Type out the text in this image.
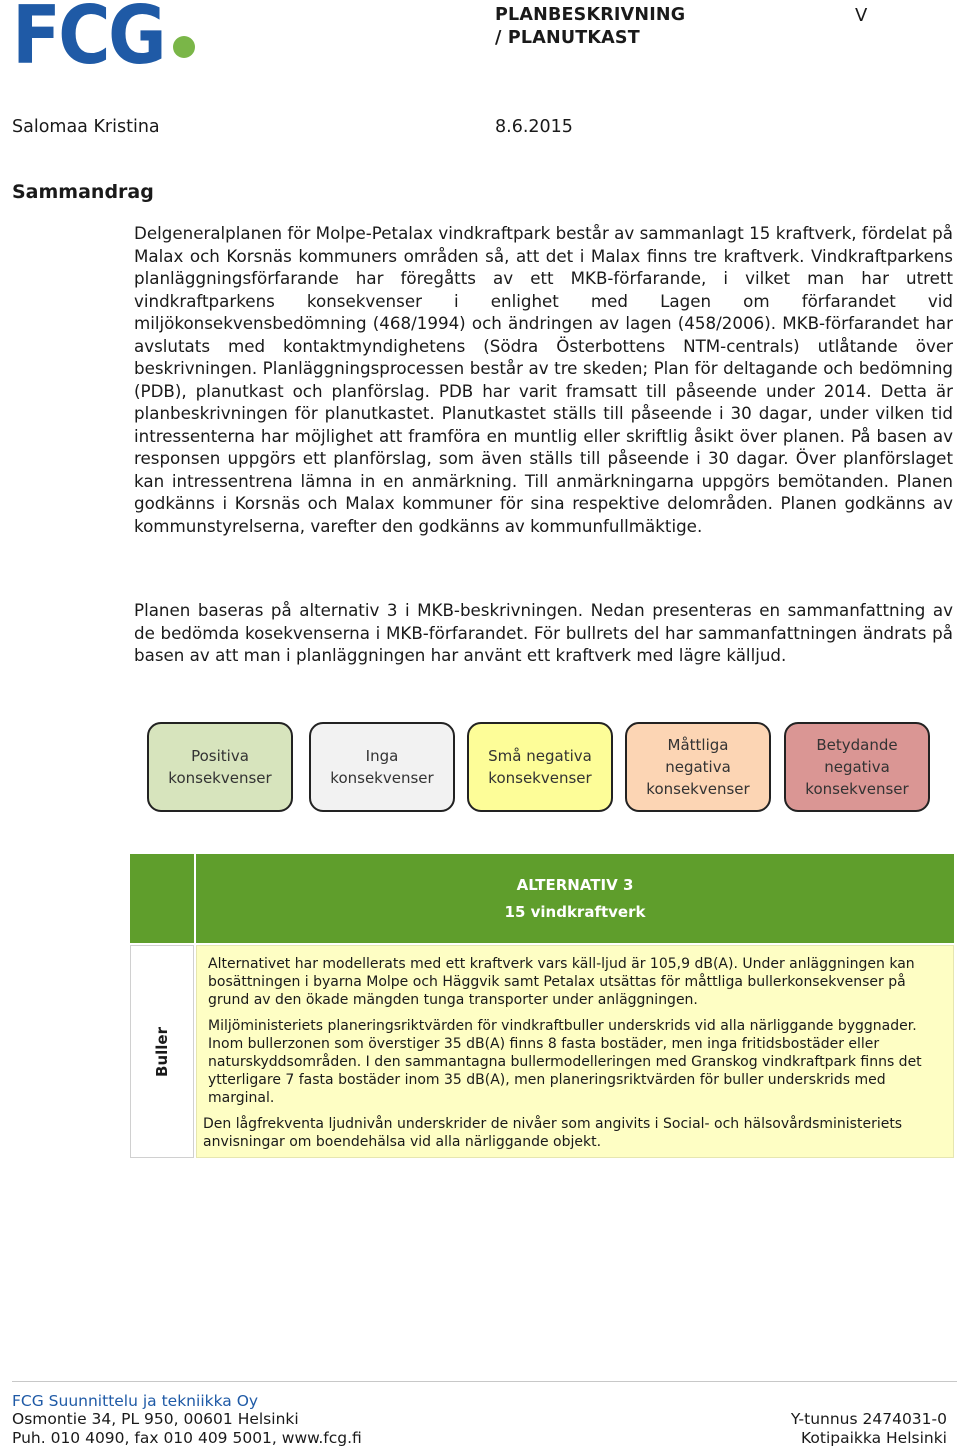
FCG	PLANBESKRIVNING
/ PLANUTKAST
V
Salomaa Kristina	8.6.2015
Sammandrag

Delgeneralplanen för Molpe-Petalax vindkraftpark består av sammanlagt 15 kraftverk, fördelat på Malax och Korsnäs kommuners områden så, att det i Malax finns tre kraftverk. Vindkraftparkens planläggningsförfarande har föregåtts av ett MKB-förfarande, i vilket man har utrett vindkraftparkens konsekvenser i enlighet med Lagen om förfarandet vid miljökonsekvensbedömning (468/1994) och ändringen av lagen (458/2006). MKB-förfarandet har avslutats med kontaktmyndighetens (Södra Österbottens NTM-centrals) utlåtande över beskrivningen. Planläggningsprocessen består av tre skeden; Plan för deltagande och bedömning (PDB), planutkast och planförslag. PDB har varit framsatt till påseende under 2014. Detta är planbeskrivningen för planutkastet. Planutkastet ställs till påseende i 30 dagar, under vilken tid intressenterna har möjlighet att framföra en muntlig eller skriftlig åsikt över planen. På basen av responsen uppgörs ett planförslag, som även ställs till påseende i 30 dagar. Över planförslaget kan intressentrena lämna in en anmärkning. Till anmärkningarna uppgörs bemötanden. Planen godkänns i Korsnäs och Malax kommuner för sina respektive delområden. Planen godkänns av kommunstyrelserna, varefter den godkänns av kommunfullmäktige.

Planen baseras på alternativ 3 i MKB-beskrivningen. Nedan presenteras en sammanfattning av de bedömda kosekvenserna i MKB-förfarandet. För bullrets del har sammanfattningen ändrats på basen av att man i planläggningen har använt ett kraftverk med lägre källjud.

Positiva
konsekvenser
Inga
konsekvenser
Små negativa
konsekvenser
Måttliga
negativa
konsekvenser
Betydande
negativa
konsekvenser
ALTERNATIV 3
15 vindkraftverk
Buller

Alternativet har modellerats med ett kraftverk vars käll-ljud är 105,9 dB(A). Under anläggningen kan bosättningen i byarna Molpe och Häggvik samt Petalax utsättas för måttliga bullerkonsekvenser på grund av den ökade mängden tunga transporter under anläggningen.

Miljöministeriets planeringsriktvärden för vindkraftbuller underskrids vid alla närliggande byggnader. Inom bullerzonen som överstiger 35 dB(A) finns 8 fasta bostäder, men inga fritidsbostäder eller naturskyddsområden. I den sammantagna bullermodelleringen med Granskog vindkraftpark finns det ytterligare 7 fasta bostäder inom 35 dB(A), men planeringsriktvärden för buller underskrids med marginal.

Den lågfrekventa ljudnivån underskrider de nivåer som angivits i Social- och hälsovårdsministeriets anvisningar om boendehälsa vid alla närliggande objekt.

FCG Suunnittelu ja tekniikka Oy
Osmontie 34, PL 950, 00601 Helsinki
Puh. 010 4090, fax 010 409 5001, www.fcg.fi
Y-tunnus 2474031-0
Kotipaikka Helsinki
